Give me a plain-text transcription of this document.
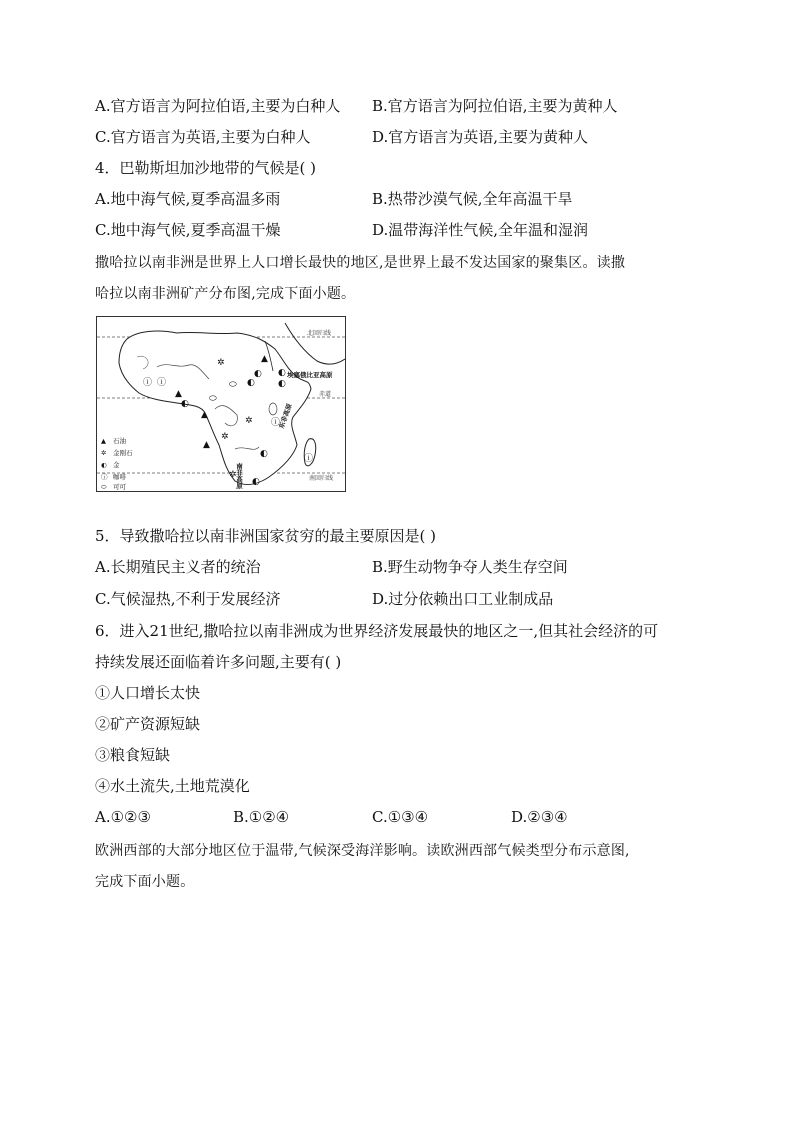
A.官方语言为阿拉伯语,主要为白种人 B.官方语言为阿拉伯语,主要为黄种人
C.官方语言为英语,主要为白种人	D.官方语言为英语,主要为黄种人
4．巴勒斯坦加沙地带的气候是( )
A.地中海气候,夏季高温多雨	B.热带沙漠气候,全年高温干旱
C.地中海气候,夏季高温干燥	D.温带海洋性气候,全年温和湿润
撒哈拉以南非洲是世界上人口增长最快的地区,是世界上最不发达国家的聚集区。读撒
哈拉以南非洲矿产分布图,完成下面小题。
北回归线
赤道
南回归线
埃塞俄比亚高原
东非高原
南非高原
▲
▲
▲
▲
◐
◐
◐
◐
◐
◐
◐
✲
✲
✲
✲
ⓘ ⓘ
ⓘ
ⓘ
⬭
⬭
▲ 石油
✲ 金刚石
◐ 金
ⓘ 咖啡
⬭ 可可
5．导致撒哈拉以南非洲国家贫穷的最主要原因是( )
A.长期殖民主义者的统治	B.野生动物争夺人类生存空间
C.气候湿热,不利于发展经济	D.过分依赖出口工业制成品
6．进入21世纪,撒哈拉以南非洲成为世界经济发展最快的地区之一,但其社会经济的可
持续发展还面临着许多问题,主要有( )
①人口增长太快
②矿产资源短缺
③粮食短缺
④水土流失,土地荒漠化
A.①②③	B.①②④	C.①③④	D.②③④
欧洲西部的大部分地区位于温带,气候深受海洋影响。读欧洲西部气候类型分布示意图,
完成下面小题。
